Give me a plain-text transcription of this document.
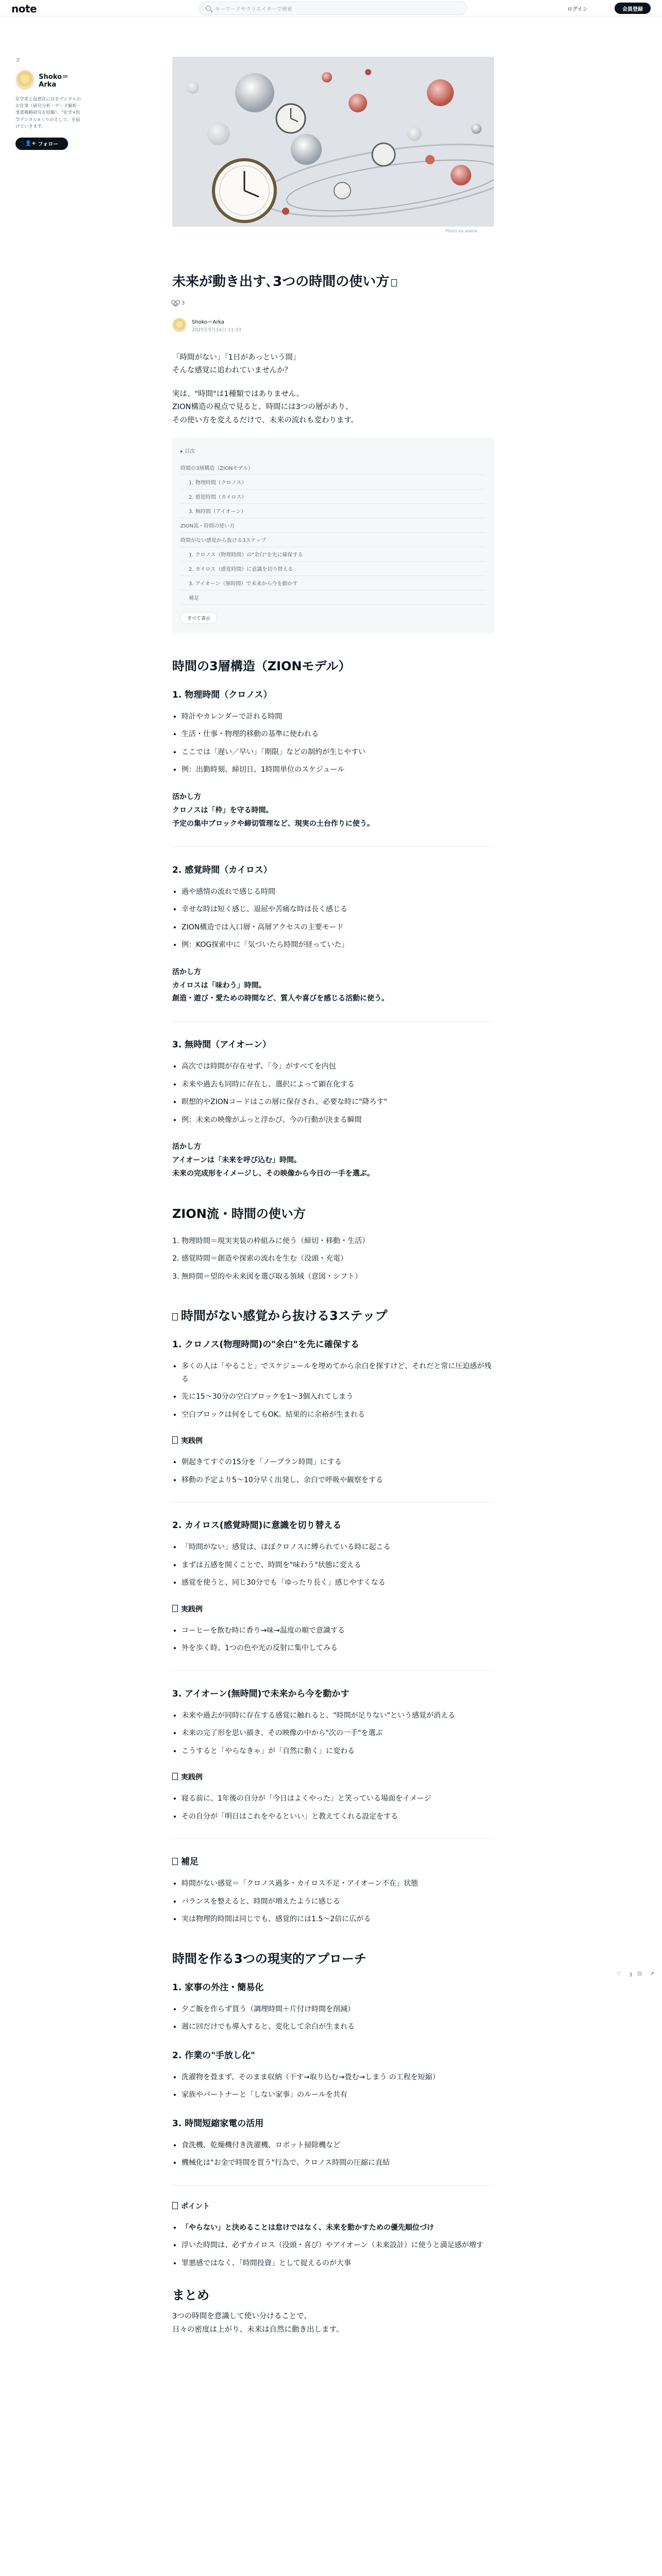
note	キーワードやクリエイターで検索	ログイン	会員登録
著
Shoko＝Arka
化学系と仮想化に目をデジタルのお仕事（研究分析・データ解析・事業戦略研究を経験）。"化学×医学デジタル×くりかえしで、を届けていきます。
👤+ フォロー
Photo by elaine
未来が動き出す､3つの時間の使い方
3
Shoko＝Arka
2025年5月14日 11:33

「時間がない」「1日があっという間」
そんな感覚に追われていませんか？

実は、"時間"は1種類ではありません。
ZION構造の視点で見ると、時間には3つの層があり、
その使い方を変えるだけで、未来の流れも変わります。

▸ 目次
時間の3層構造（ZIONモデル）
1. 物理時間（クロノス）
2. 感覚時間（カイロス）
3. 無時間（アイオーン）
ZION流・時間の使い方
時間がない感覚から抜ける3ステップ
1. クロノス（物理時間）の"余白"を先に確保する
2. カイロス（感覚時間）に意識を切り替える
3. アイオーン（無時間）で未来から今を動かす
補足
すべて表示
時間の3層構造（ZIONモデル）
1. 物理時間（クロノス）
• 時計やカレンダーで計れる時間
• 生活・仕事・物理的移動の基準に使われる
• ここでは「遅い／早い」「期限」などの制約が生じやすい
• 例：出勤時刻、締切日、1時間単位のスケジュール
活かし方
クロノスは「枠」を守る時間。
予定の集中ブロックや締切管理など、現実の土台作りに使う。
2. 感覚時間（カイロス）
• 過や感情の流れで感じる時間
• 幸せな時は短く感じ、退屈や苦痛な時は長く感じる
• ZION構造では入口層・高層アクセスの主要モード
• 例：KOG探索中に「気づいたら時間が経っていた」
活かし方
カイロスは「味わう」時間。
創造・遊び・愛ための時間など、質人や喜びを感じる活動に使う。
3. 無時間（アイオーン）
• 高次では時間が存在せず、「今」がすべてを内包
• 未来や過去も同時に存在し、選択によって顕在化する
• 瞑想的やZIONコードはこの層に保存され、必要な時に"降ろす"
• 例：未来の映像がふっと浮かび、今の行動が決まる瞬間
活かし方
アイオーンは「未来を呼び込む」時間。
未来の完成形をイメージし、その映像から今日の一手を選ぶ。
ZION流・時間の使い方
1. 物理時間＝現実実装の枠組みに使う（締切・移動・生活）
2. 感覚時間＝創造や探索の流れを生む（没頭・充電）
3. 無時間＝望的や未来図を選び取る領域（意図・シフト）
時間がない感覚から抜ける3ステップ
1. クロノス(物理時間)の"余白"を先に確保する
• 多くの人は「やること」でスケジュールを埋めてから余白を探すけど、それだと常に圧迫感が残る
• 先に15〜30分の空白ブロックを1〜3個入れてしまう
• 空白ブロックは何をしてもOK。結果的に余裕が生まれる
実践例
• 朝起きてすぐの15分を「ノープラン時間」にする
• 移動の予定より5〜10分早く出発し、余白で呼吸や観察をする
2. カイロス(感覚時間)に意識を切り替える
• 「時間がない」感覚は、ほぼクロノスに縛られている時に起こる
• まずは五感を開くことで、時間を"味わう"状態に変える
• 感覚を使うと、同じ30分でも「ゆったり長く」感じやすくなる
実践例
• コーヒーを飲む時に香り→味→温度の順で意識する
• 外を歩く時、1つの色や光の反射に集中してみる
3. アイオーン(無時間)で未来から今を動かす
• 未来や過去が同時に存在する感覚に触れると、"時間が足りない"という感覚が消える
• 未来の完了形を思い描き、その映像の中から"次の一手"を選ぶ
• こうすると「やらなきゃ」が「自然に動く」に変わる
実践例
• 寝る前に、1年後の自分が「今日はよくやった」と笑っている場面をイメージ
• その自分が「明日はこれをやるといい」と教えてくれる設定をする
補足
• 時間がない感覚＝「クロノス過多・カイロス不足・アイオーン不在」状態
• バランスを整えると、時間が増えたように感じる
• 実は物理的時間は同じでも、感覚的には1.5〜2倍に広がる
時間を作る3つの現実的アプローチ
1. 家事の外注・簡易化
• 夕ご飯を作らず買う（調理時間＋片付け時間を削減）
• 週に回だけでも導入すると、変化して余白が生まれる
2. 作業の"手放し化"
• 洗濯物を畳まず、そのまま収納（干す→取り込む→畳む→しまう の工程を短縮）
• 家族やパートナーと「しない家事」のルールを共有
3. 時間短縮家電の活用
• 食洗機、乾燥機付き洗濯機、ロボット掃除機など
• 機械化は"お金で時間を買う"行為で、クロノス時間の圧縮に直結
ポイント
• 「やらない」と決めることは怠けではなく、未来を動かすための優先順位づけ
• 浮いた時間は、必ずカイロス（没頭・喜び）やアイオーン（未来設計）に使うと満足感が増す
• 罪悪感ではなく、「時間投資」として捉えるのが大事
まとめ

3つの時間を意識して使い分けることで、
日々の密度は上がり、未来は自然に動き出します。

♡	3 ⊡	↗
